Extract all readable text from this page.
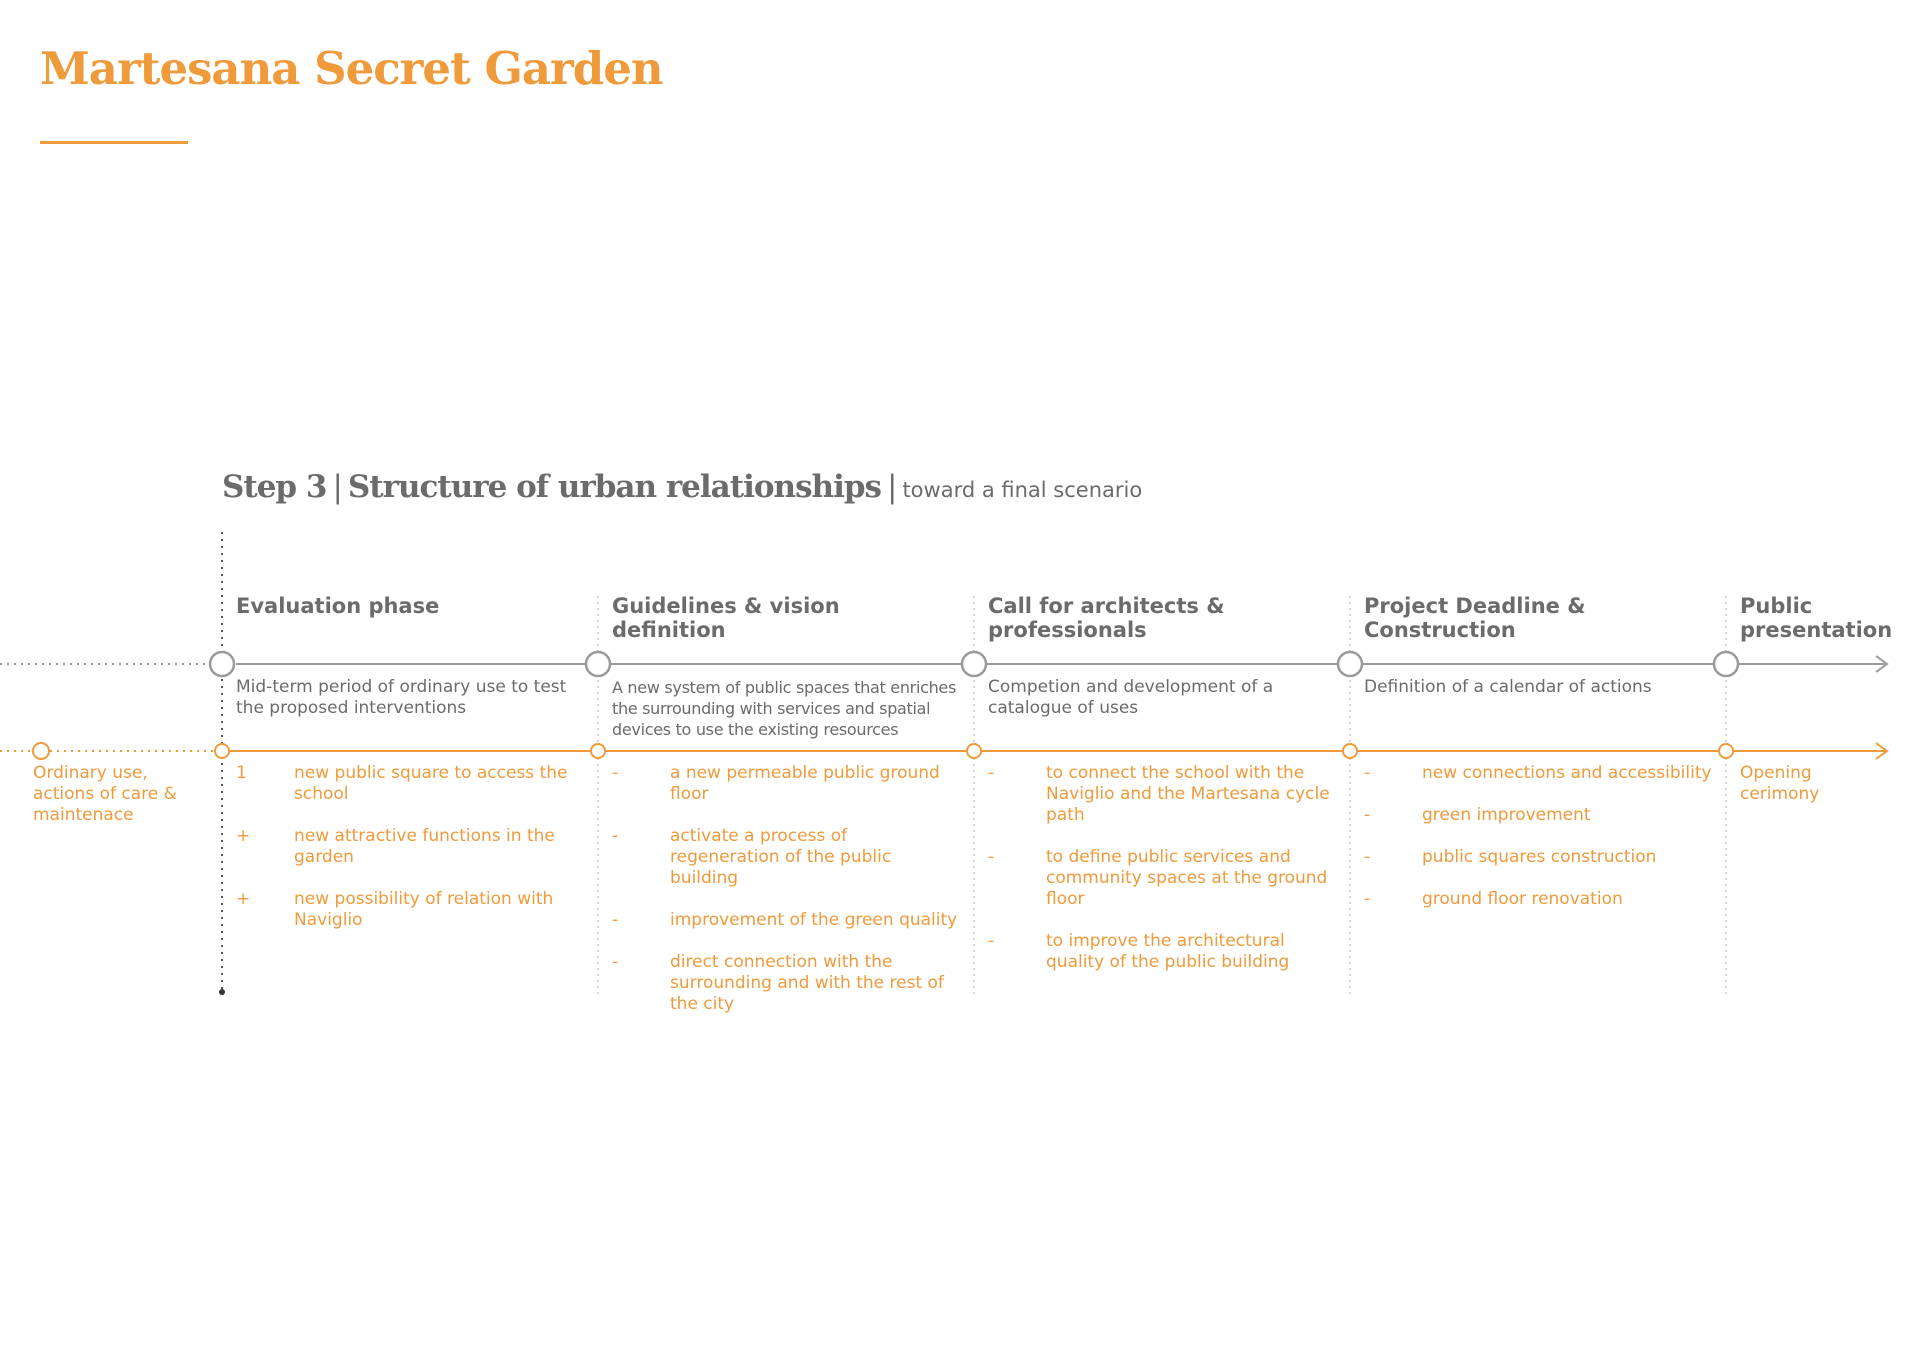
Martesana Secret Garden
Step 3 | Structure of urban relationships | toward a final scenario

Ordinary use, actions of care & maintenace

Evaluation phase

Mid-term period of ordinary use to test the proposed interventions

1	new public square to access the school
+	new attractive functions in the garden
+	new possibility of relation with Naviglio
Guidelines & vision definition

A new system of public spaces that enriches the surrounding with services and spatial devices to use the existing resources

-	a new permeable public ground floor
-	activate a process of regeneration of the public building
-	improvement of the green quality
-	direct connection with the surrounding and with the rest of the city
Call for architects & professionals

Competion and development of a catalogue of uses

-	to connect the school with the Naviglio and the Martesana cycle path
-	to define public services and community spaces at the ground floor
-	to improve the architectural quality of the public building
Project Deadline & Construction

Definition of a calendar of actions

-	new connections and accessibility
-	green improvement
-	public squares construction
-	ground floor renovation
Public presentation

Opening cerimony
